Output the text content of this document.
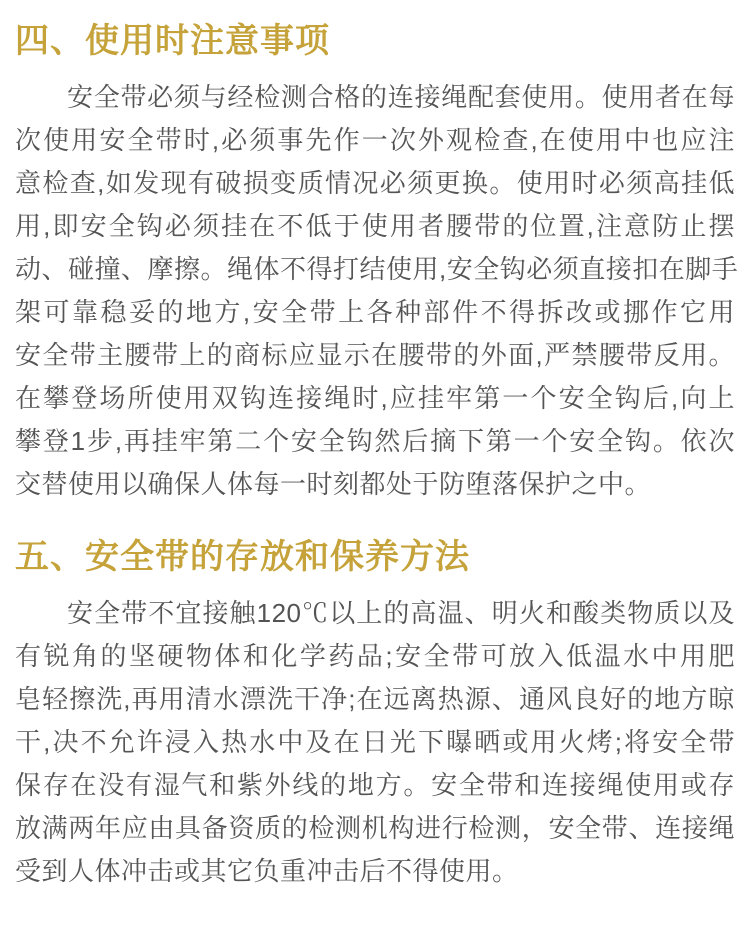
四、使用时注意事项
安全带必须与经检测合格的连接绳配套使用。使用者在每
次使用安全带时,必须事先作一次外观检查,在使用中也应注
意检查,如发现有破损变质情况必须更换。使用时必须高挂低
用,即安全钩必须挂在不低于使用者腰带的位置,注意防止摆
动、碰撞、摩擦。绳体不得打结使用,安全钩必须直接扣在脚手
架可靠稳妥的地方,安全带上各种部件不得拆改或挪作它用
安全带主腰带上的商标应显示在腰带的外面,严禁腰带反用。
在攀登场所使用双钩连接绳时,应挂牢第一个安全钩后,向上
攀登1步,再挂牢第二个安全钩然后摘下第一个安全钩。依次
交替使用以确保人体每一时刻都处于防堕落保护之中。
五、安全带的存放和保养方法
安全带不宜接触120℃以上的高温、明火和酸类物质以及
有锐角的坚硬物体和化学药品;安全带可放入低温水中用肥
皂轻擦洗,再用清水漂洗干净;在远离热源、通风良好的地方晾
干,决不允许浸入热水中及在日光下曝晒或用火烤;将安全带
保存在没有湿气和紫外线的地方。安全带和连接绳使用或存
放满两年应由具备资质的检测机构进行检测，安全带、连接绳
受到人体冲击或其它负重冲击后不得使用。
